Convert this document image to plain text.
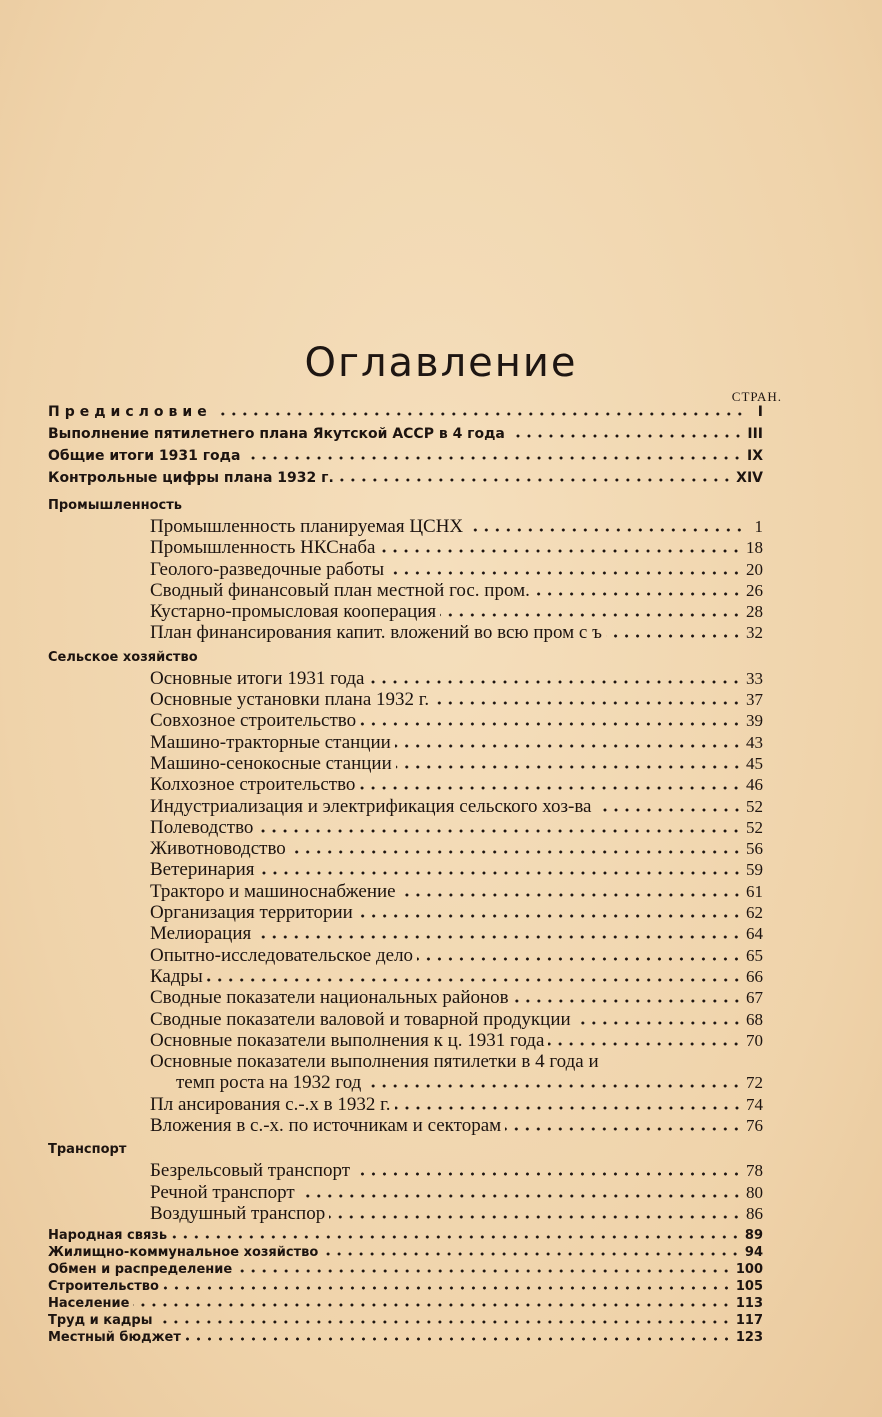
Оглавление
СТРАН.
Предисловие	I
Выполнение пятилетнего плана Якутской АССР в 4 года	III
Общие итоги 1931 года	IX
Контрольные цифры плана 1932 г.	XIV
Промышленность
Промышленность планируемая ЦСНХ	1
Промышленность НКСнаба	18
Геолого-разведочные работы	20
Сводный финансовый план местной гос. пром.	26
Кустарно-промысловая кооперация	28
План финансирования капит. вложений во всю пром с ъ	32
Сельское хозяйство
Основные итоги 1931 года	33
Основные установки плана 1932 г.	37
Совхозное строительство	39
Машино-тракторные станции	43
Машино-сенокосные станции	45
Колхозное строительство	46
Индустриализация и электрификация сельского хоз-ва	52
Полеводство	52
Животноводство	56
Ветеринария	59
Тракторо и машиноснабжение	61
Организация территории	62
Мелиорация	64
Опытно-исследовательское дело	65
Кадры	66
Сводные показатели национальных районов	67
Сводные показатели валовой и товарной продукции	68
Основные показатели выполнения к ц. 1931 года	70
Основные показатели выполнения пятилетки в 4 года и
темп роста на 1932 год	72
Пл ансирования с.-.х в 1932 г.	74
Вложения в с.-х. по источникам и секторам	76
Транспорт
Безрельсовый транспорт	78
Речной транспорт	80
Воздушный транспор	86
Народная связь	89
Жилищно-коммунальное хозяйство	94
Обмен и распределение	100
Строительство	105
Население	113
Труд и кадры	117
Местный бюджет	123
